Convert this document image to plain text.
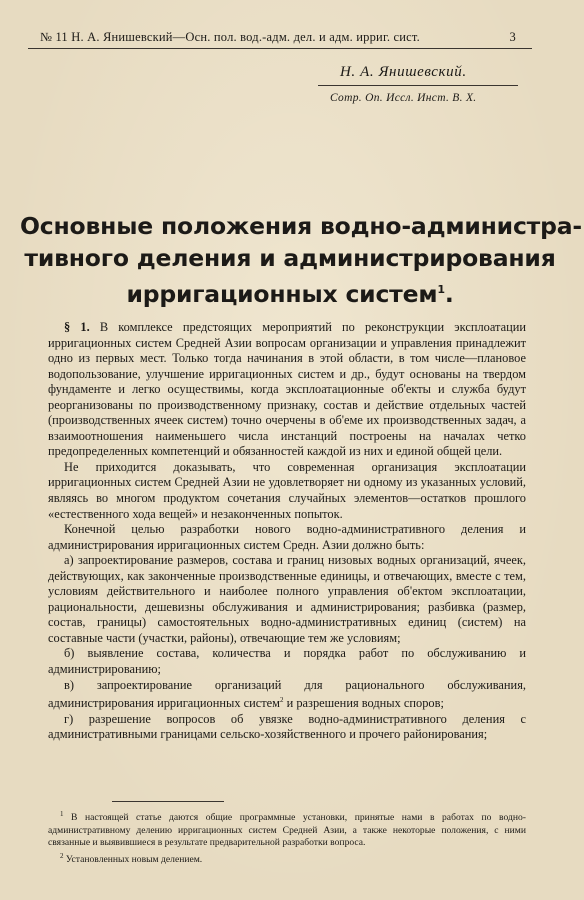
№ 11 Н. А. Янишевский—Осн. пол. вод.-адм. дел. и адм. ирриг. сист.	3
Н. А. Янишевский.
Сотр. Оп. Исcл. Инст. В. Х.
Основные положения водно-администра-
тивного деления и администрирования
ирригационных систем$^1$.

§ 1. В комплексе предстоящих мероприятий по реконструкции эксплоатации ирригационных систем Средней Азии вопросам организации и управления принадлежит одно из первых мест. Только тогда начинания в этой области, в том числе—плановое водопользование, улучшение ирригационных систем и др., будут основаны на твердом фундаменте и легко осуществимы, когда эксплоатационные об'екты и служба будут реорганизованы по производственному признаку, состав и действие отдельных частей (производственных ячеек систем) точно очерчены в об'еме их производственных задач, а взаимоотношения наименьшего числа инстанций построены на началах четко предопределенных компетенций и обязанностей каждой из них и единой общей цели.

Не приходится доказывать, что современная организация эксплоатации ирригационных систем Средней Азии не удовлетворяет ни одному из указанных условий, являясь во многом продуктом сочетания случайных элементов—остатков прошлого «естественного хода вещей» и незаконченных попыток.

Конечной целью разработки нового водно-административного деления и администрирования ирригационных систем Средн. Азии должно быть:

а) запроектирование размеров, состава и границ низовых водных организаций, ячеек, действующих, как законченные производственные единицы, и отвечающих, вместе с тем, условиям действительного и наиболее полного управления об'ектом эксплоатации, рациональности, дешевизны обслуживания и администрирования; разбивка (размер, состав, границы) самостоятельных водно-административных единиц (систем) на составные части (участки, районы), отвечающие тем же условиям;

б) выявление состава, количества и порядка работ по обслуживанию и администрированию;

в) запроектирование организаций для рационального обслуживания, администрирования ирригационных систем$^2$ и разрешения водных споров;

г) разрешение вопросов об увязке водно-административного деления с административными границами сельско-хозяйственного и прочего районирования;

$^1$ В настоящей статье даются общие программные установки, принятые нами в работах по водно-административному делению ирригационных систем Средней Азии, а также некоторые положения, с ними связанные и выявившиеся в результате предварительной разработки вопроса.

$^2$ Установленных новым делением.
